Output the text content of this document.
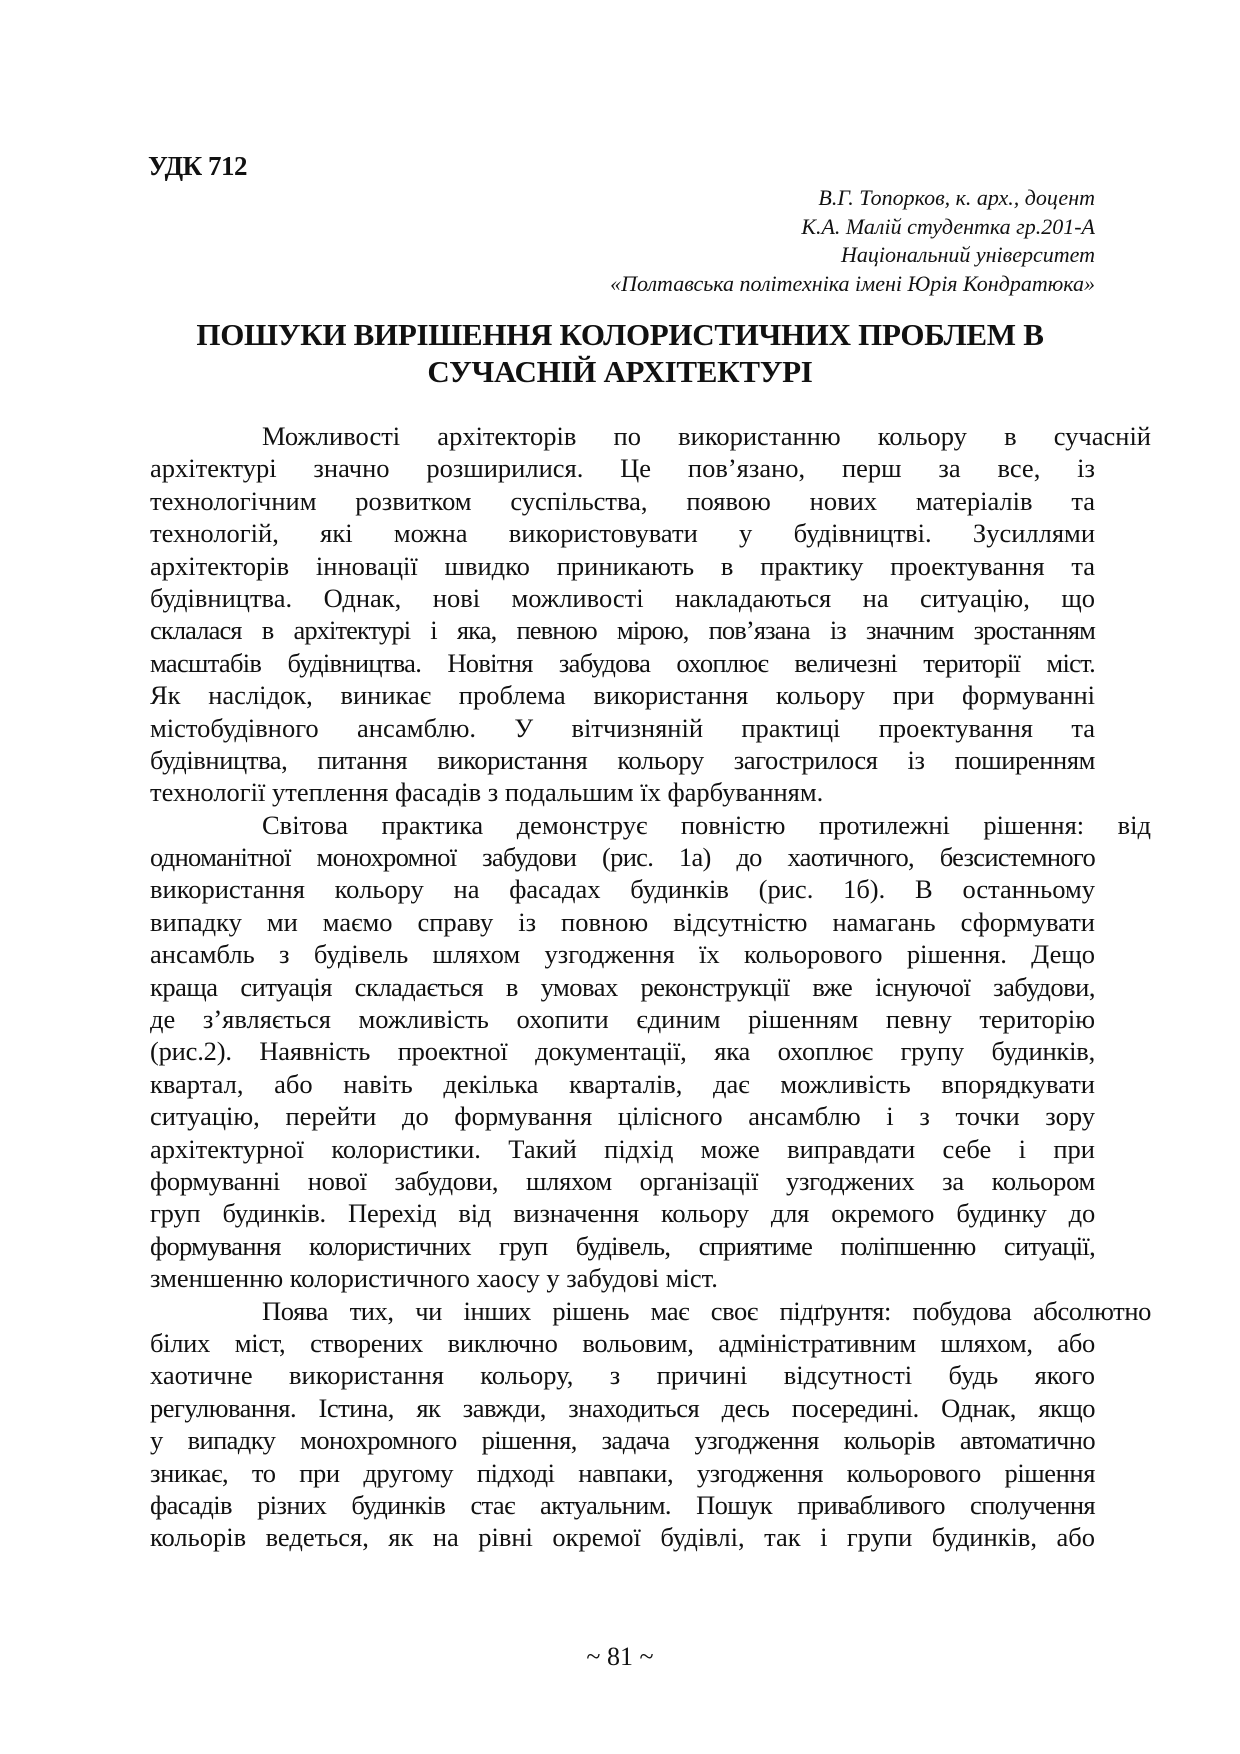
УДК 712
В.Г. Топорков, к. арх., доцент
К.А. Малій студентка гр.201-А
Національний університет
«Полтавська політехніка імені Юрія Кондратюка»
ПОШУКИ ВИРІШЕННЯ КОЛОРИСТИЧНИХ ПРОБЛЕМ В
СУЧАСНІЙ АРХІТЕКТУРІ
Можливості архітекторів по використанню кольору в сучасній
архітектурі значно розширилися. Це пов’язано, перш за все, із
технологічним розвитком суспільства, появою нових матеріалів та
технологій, які можна використовувати у будівництві. Зусиллями
архітекторів інновації швидко приникають в практику проектування та
будівництва. Однак, нові можливості накладаються на ситуацію, що
склалася в архітектурі і яка, певною мірою, пов’язана із значним зростанням
масштабів будівництва. Новітня забудова охоплює величезні території міст.
Як наслідок, виникає проблема використання кольору при формуванні
містобудівного ансамблю. У вітчизняній практиці проектування та
будівництва, питання використання кольору загострилося із поширенням
технології утеплення фасадів з подальшим їх фарбуванням.
Світова практика демонструє повністю протилежні рішення: від
одноманітної монохромної забудови (рис. 1а) до хаотичного, безсистемного
використання кольору на фасадах будинків (рис. 1б). В останньому
випадку ми маємо справу із повною відсутністю намагань сформувати
ансамбль з будівель шляхом узгодження їх кольорового рішення. Дещо
краща ситуація складається в умовах реконструкції вже існуючої забудови,
де з’являється можливість охопити єдиним рішенням певну територію
(рис.2). Наявність проектної документації, яка охоплює групу будинків,
квартал, або навіть декілька кварталів, дає можливість впорядкувати
ситуацію, перейти до формування цілісного ансамблю і з точки зору
архітектурної колористики. Такий підхід може виправдати себе і при
формуванні нової забудови, шляхом організації узгоджених за кольором
груп будинків. Перехід від визначення кольору для окремого будинку до
формування колористичних груп будівель, сприятиме поліпшенню ситуації,
зменшенню колористичного хаосу у забудові міст.
Поява тих, чи інших рішень має своє підґрунтя: побудова абсолютно
білих міст, створених виключно вольовим, адміністративним шляхом, або
хаотичне використання кольору, з причині відсутності будь якого
регулювання. Істина, як завжди, знаходиться десь посередині. Однак, якщо
у випадку монохромного рішення, задача узгодження кольорів автоматично
зникає, то при другому підході навпаки, узгодження кольорового рішення
фасадів різних будинків стає актуальним. Пошук привабливого сполучення
кольорів ведеться, як на рівні окремої будівлі, так і групи будинків, або
~ 81 ~
